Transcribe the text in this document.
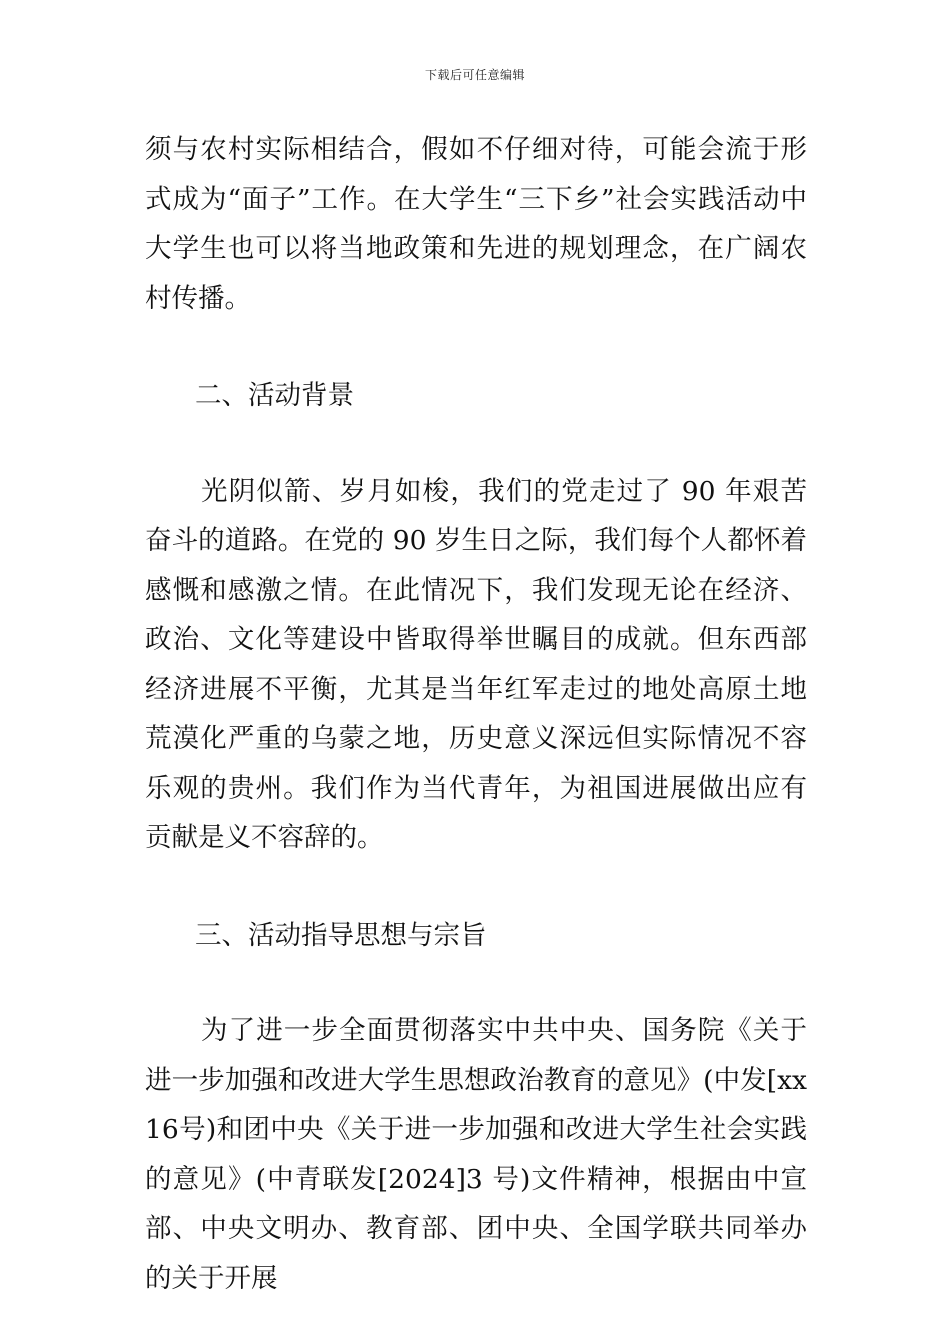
下载后可任意编辑

须与农村实际相结合，假如不仔细对待，可能会流于形式成为“面子”工作。在大学生“三下乡”社会实践活动中大学生也可以将当地政策和先进的规划理念，在广阔农村传播。

二、活动背景

光阴似箭、岁月如梭，我们的党走过了 90 年艰苦奋斗的道路。在党的 90 岁生日之际，我们每个人都怀着感慨和感激之情。在此情况下，我们发现无论在经济、政治、文化等建设中皆取得举世瞩目的成就。但东西部经济进展不平衡，尤其是当年红军走过的地处高原土地荒漠化严重的乌蒙之地，历史意义深远但实际情况不容乐观的贵州。我们作为当代青年，为祖国进展做出应有贡献是义不容辞的。

三、活动指导思想与宗旨

为了进一步全面贯彻落实中共中央、国务院《关于进一步加强和改进大学生思想政治教育的意见》(中发[xx16号)和团中央《关于进一步加强和改进大学生社会实践的意见》(中青联发[2024]3 号)文件精神，根据由中宣部、中央文明办、教育部、团中央、全国学联共同举办的关于开展
